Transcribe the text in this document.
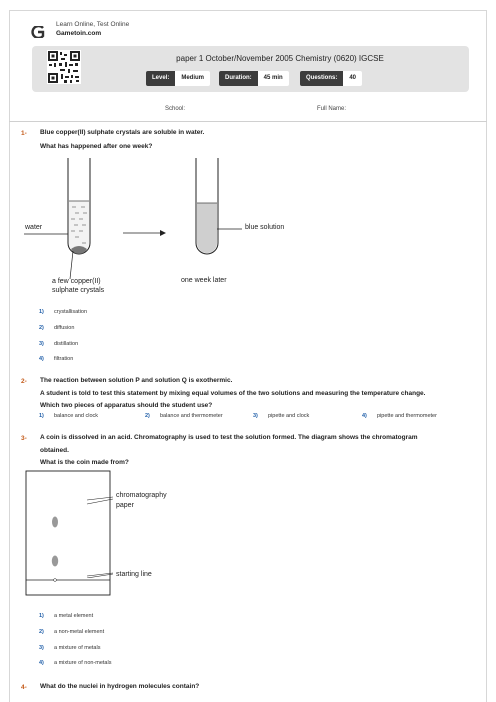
Learn Online, Test Online
Gametoin.com
paper 1 October/November 2005 Chemistry (0620) IGCSE
Level:	Medium	Duration:	45 min	Questions:	40
School:	Full Name:
1- Blue copper(II) sulphate crystals are soluble in water.
What has happened after one week?
water
a few copper(II)
sulphate crystals
one week later
blue solution
1) crystallisation
2) diffusion
3) distillation
4) filtration
2- The reaction between solution P and solution Q is exothermic.
A student is told to test this statement by mixing equal volumes of the two solutions and measuring the temperature change.
Which two pieces of apparatus should the student use?
1) balance and clock	2) balance and thermometer	3) pipette and clock	4) pipette and thermometer
3- A coin is dissolved in an acid. Chromatography is used to test the solution formed. The diagram shows the chromatogram
obtained.
What is the coin made from?
chromatography
paper
starting line
1) a metal element
2) a non-metal element
3) a mixture of metals
4) a mixture of non-metals
4- What do the nuclei in hydrogen molecules contain?
